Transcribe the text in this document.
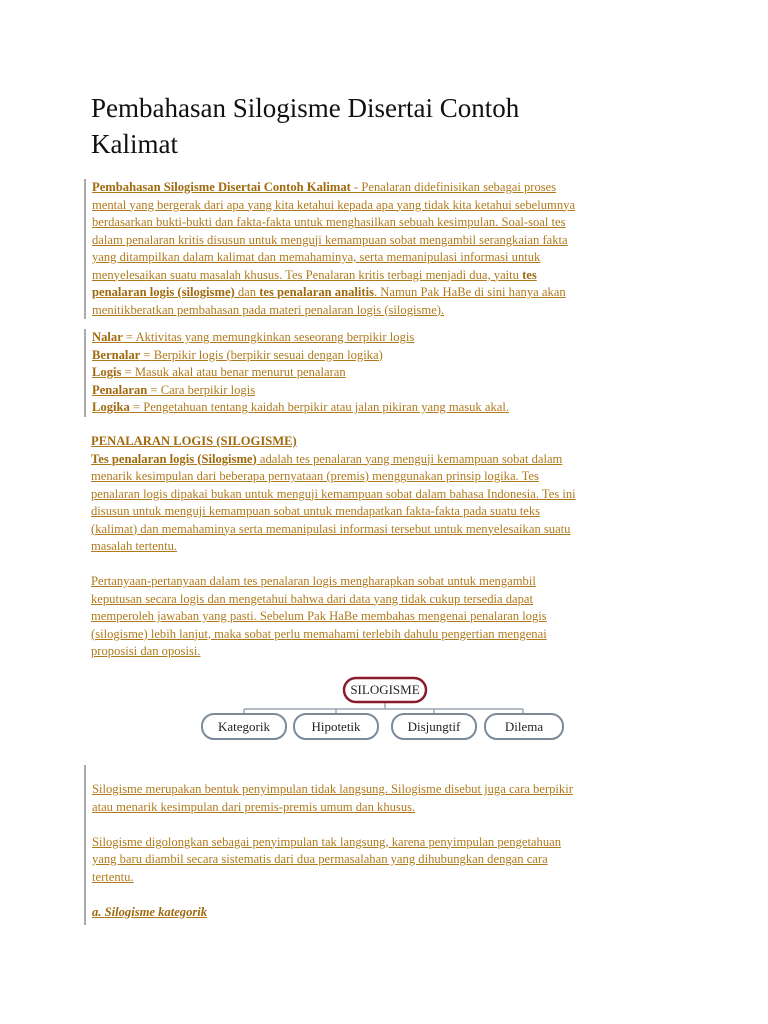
Pembahasan Silogisme Disertai Contoh
Kalimat

Pembahasan Silogisme Disertai Contoh Kalimat - Penalaran didefinisikan sebagai proses
mental yang bergerak dari apa yang kita ketahui kepada apa yang tidak kita ketahui sebelumnya
berdasarkan bukti-bukti dan fakta-fakta untuk menghasilkan sebuah kesimpulan. Soal-soal tes
dalam penalaran kritis disusun untuk menguji kemampuan sobat mengambil serangkaian fakta
yang ditampilkan dalam kalimat dan memahaminya, serta memanipulasi informasi untuk
menyelesaikan suatu masalah khusus. Tes Penalaran kritis terbagi menjadi dua, yaitu tes
penalaran logis (silogisme) dan tes penalaran analitis. Namun Pak HaBe di sini hanya akan
menitikberatkan pembahasan pada materi penalaran logis (silogisme).

Nalar = Aktivitas yang memungkinkan seseorang berpikir logis
Bernalar = Berpikir logis (berpikir sesuai dengan logika)
Logis = Masuk akal atau benar menurut penalaran
Penalaran = Cara berpikir logis
Logika = Pengetahuan tentang kaidah berpikir atau jalan pikiran yang masuk akal.

PENALARAN LOGIS (SILOGISME)
Tes penalaran logis (Silogisme) adalah tes penalaran yang menguji kemampuan sobat dalam
menarik kesimpulan dari beberapa pernyataan (premis) menggunakan prinsip logika. Tes
penalaran logis dipakai bukan untuk menguji kemampuan sobat dalam bahasa Indonesia. Tes ini
disusun untuk menguji kemampuan sobat untuk mendapatkan fakta-fakta pada suatu teks
(kalimat) dan memahaminya serta memanipulasi informasi tersebut untuk menyelesaikan suatu
masalah tertentu.
Pertanyaan-pertanyaan dalam tes penalaran logis mengharapkan sobat untuk mengambil
keputusan secara logis dan mengetahui bahwa dari data yang tidak cukup tersedia dapat
memperoleh jawaban yang pasti. Sebelum Pak HaBe membahas mengenai penalaran logis
(silogisme) lebih lanjut, maka sobat perlu memahami terlebih dahulu pengertian mengenai
proposisi dan oposisi.

SILOGISME
Kategorik	Hipotetik	Disjungtif	Dilema

Silogisme merupakan bentuk penyimpulan tidak langsung. Silogisme disebut juga cara berpikir
atau menarik kesimpulan dari premis-premis umum dan khusus.
Silogisme digolongkan sebagai penyimpulan tak langsung, karena penyimpulan pengetahuan
yang baru diambil secara sistematis dari dua permasalahan yang dihubungkan dengan cara
tertentu.
a. Silogisme kategorik
